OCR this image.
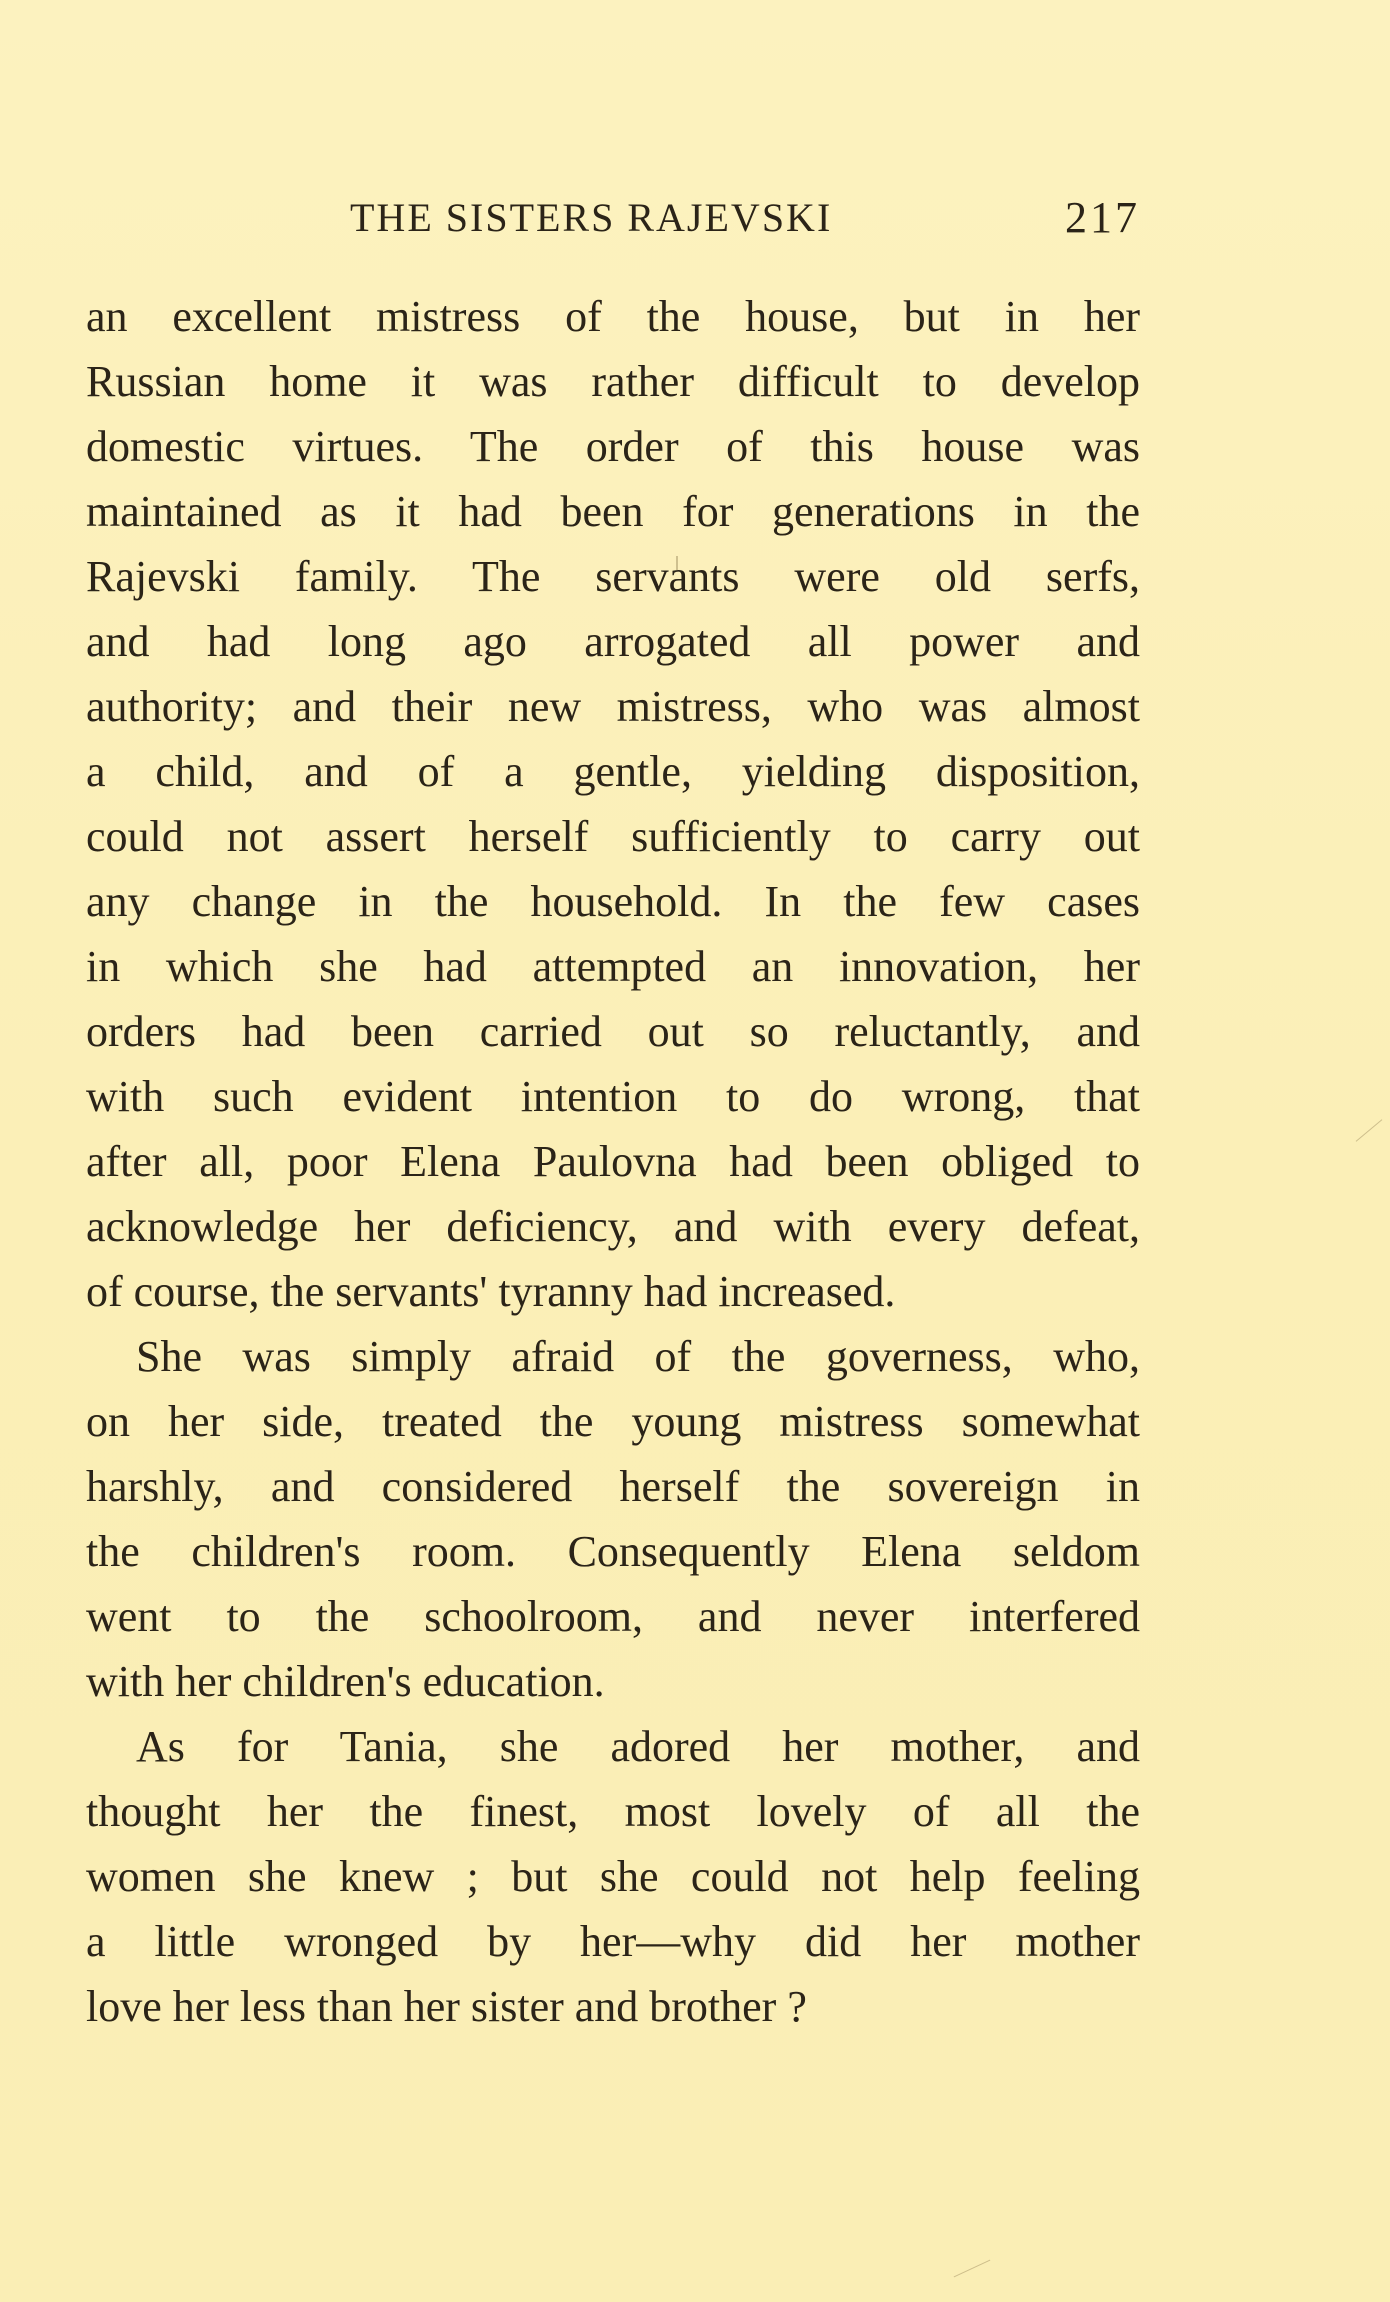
THE SISTERS RAJEVSKI	217
an excellent mistress of the house, but in her
Russian home it was rather difficult to develop
domestic virtues. The order of this house was
maintained as it had been for generations in the
Rajevski family. The servants were old serfs,
and had long ago arrogated all power and
authority; and their new mistress, who was almost
a child, and of a gentle, yielding disposition,
could not assert herself sufficiently to carry out
any change in the household. In the few cases
in which she had attempted an innovation, her
orders had been carried out so reluctantly, and
with such evident intention to do wrong, that
after all, poor Elena Paulovna had been obliged to
acknowledge her deficiency, and with every defeat,
of course, the servants' tyranny had increased.
She was simply afraid of the governess, who,
on her side, treated the young mistress somewhat
harshly, and considered herself the sovereign in
the children's room. Consequently Elena seldom
went to the schoolroom, and never interfered
with her children's education.
As for Tania, she adored her mother, and
thought her the finest, most lovely of all the
women she knew ; but she could not help feeling
a little wronged by her—why did her mother
love her less than her sister and brother ?
